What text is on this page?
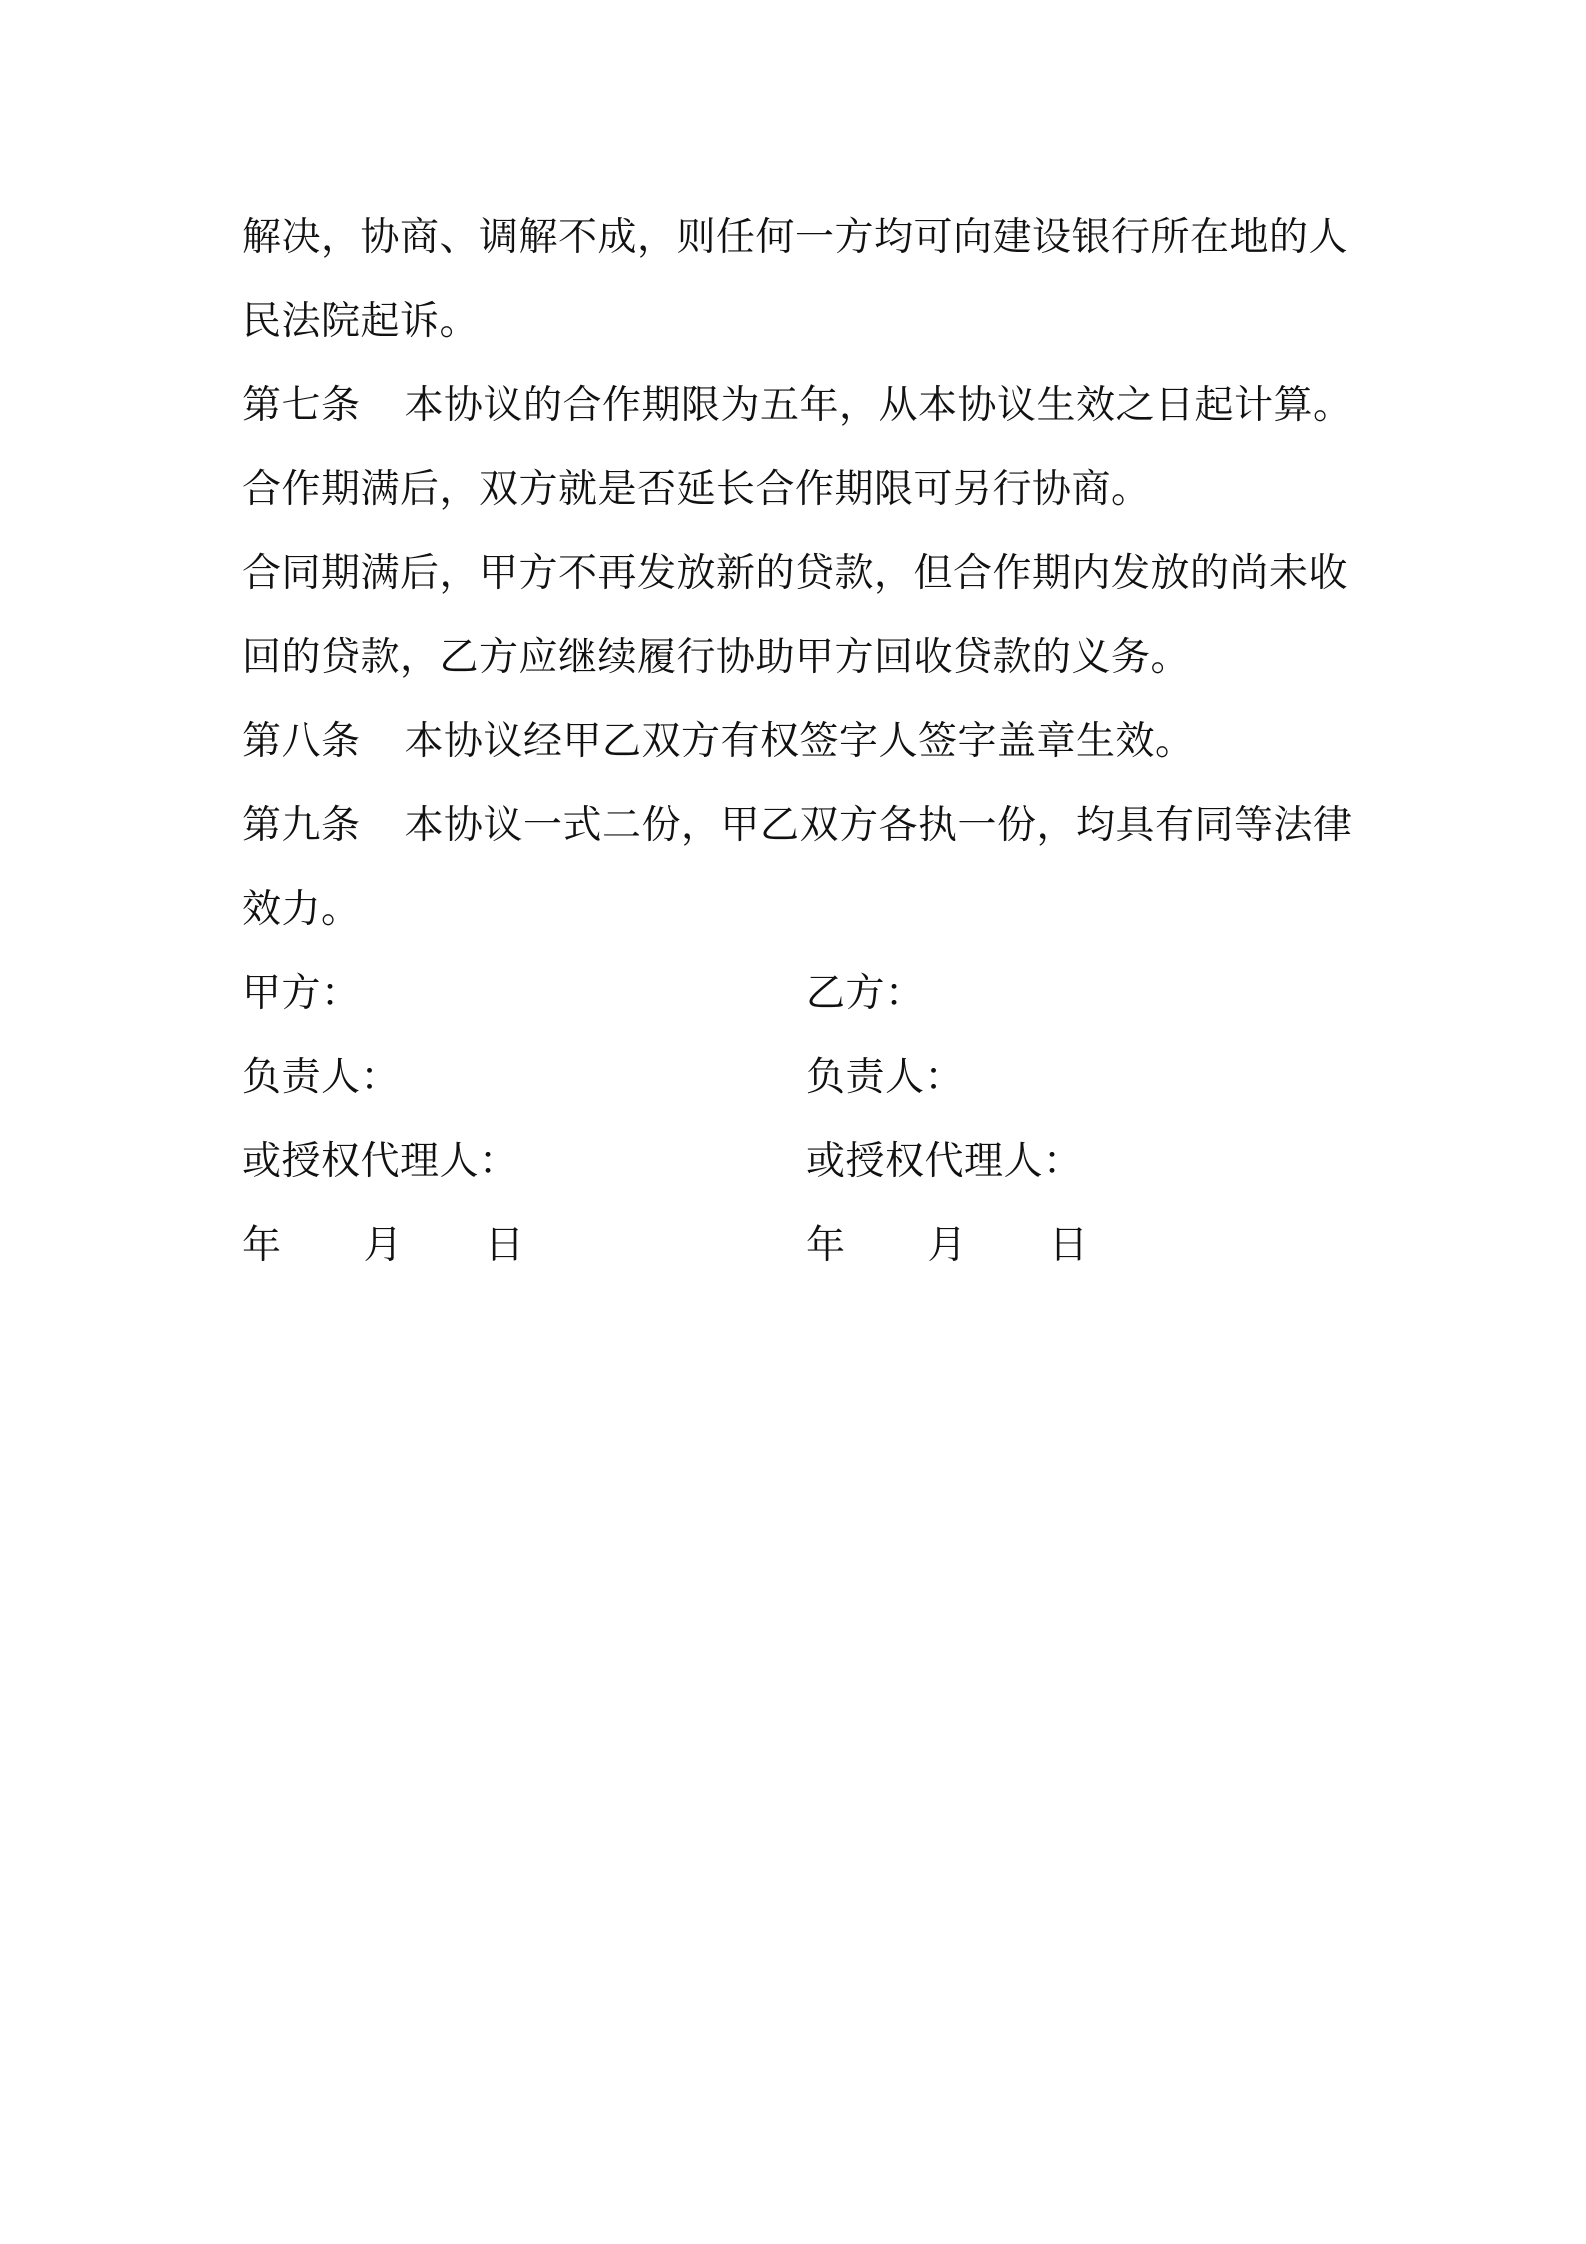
解决，协商、调解不成，则任何一方均可向建设银行所在地的人
民法院起诉。
第七条 本协议的合作期限为五年，从本协议生效之日起计算。
合作期满后，双方就是否延长合作期限可另行协商。
合同期满后，甲方不再发放新的贷款，但合作期内发放的尚未收
回的贷款，乙方应继续履行协助甲方回收贷款的义务。
第八条 本协议经甲乙双方有权签字人签字盖章生效。
第九条 本协议一式二份，甲乙双方各执一份，均具有同等法律
效力。
甲方：
负责人：
或授权代理人：
年 月 日
乙方：
负责人：
或授权代理人：
年 月 日
